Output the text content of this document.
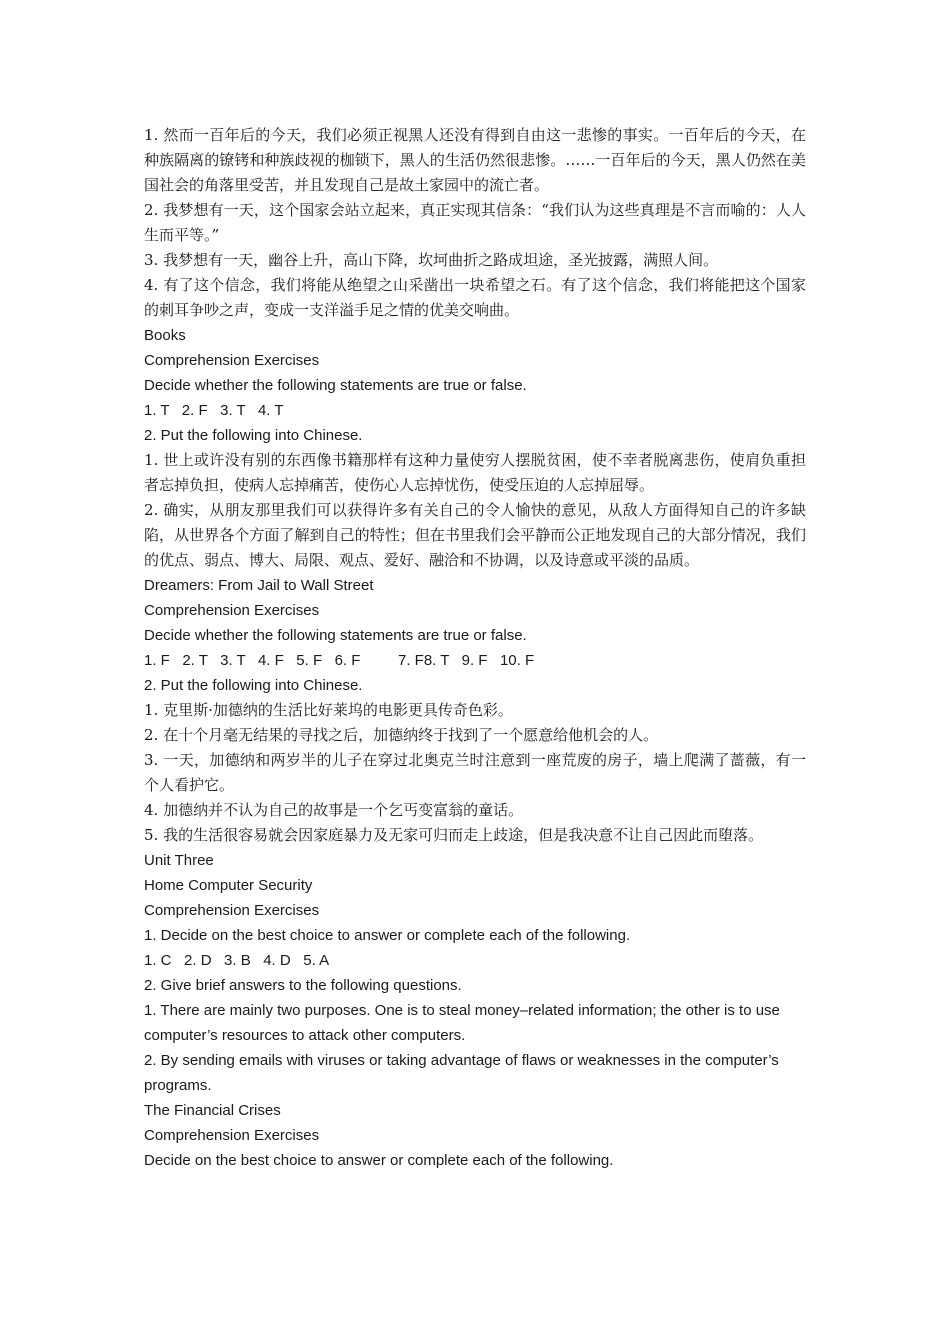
1. 然而一百年后的今天，我们必须正视黑人还没有得到自由这一悲惨的事实。一百年后的今天，在种族隔离的镣铐和种族歧视的枷锁下，黑人的生活仍然很悲惨。……一百年后的今天，黑人仍然在美国社会的角落里受苦，并且发现自己是故土家园中的流亡者。

2. 我梦想有一天，这个国家会站立起来，真正实现其信条：“我们认为这些真理是不言而喻的：人人生而平等。”

3. 我梦想有一天，幽谷上升，高山下降，坎坷曲折之路成坦途，圣光披露，满照人间。

4. 有了这个信念，我们将能从绝望之山采凿出一块希望之石。有了这个信念，我们将能把这个国家的刺耳争吵之声，变成一支洋溢手足之情的优美交响曲。

Books

Comprehension Exercises

Decide whether the following statements are true or false.

1. T   2. F   3. T   4. T

2. Put the following into Chinese.

1. 世上或许没有别的东西像书籍那样有这种力量使穷人摆脱贫困，使不幸者脱离悲伤，使肩负重担者忘掉负担，使病人忘掉痛苦，使伤心人忘掉忧伤，使受压迫的人忘掉屈辱。

2. 确实，从朋友那里我们可以获得许多有关自己的令人愉快的意见，从敌人方面得知自己的许多缺陷，从世界各个方面了解到自己的特性；但在书里我们会平静而公正地发现自己的大部分情况，我们的优点、弱点、博大、局限、观点、爱好、融洽和不协调，以及诗意或平淡的品质。

Dreamers: From Jail to Wall Street

Comprehension Exercises

Decide whether the following statements are true or false.

1. F   2. T   3. T   4. F   5. F   6. F         7. F8. T   9. F   10. F

2. Put the following into Chinese.

1. 克里斯·加德纳的生活比好莱坞的电影更具传奇色彩。

2. 在十个月毫无结果的寻找之后，加德纳终于找到了一个愿意给他机会的人。

3. 一天，加德纳和两岁半的儿子在穿过北奥克兰时注意到一座荒废的房子，墙上爬满了蔷薇，有一个人看护它。

4. 加德纳并不认为自己的故事是一个乞丐变富翁的童话。

5. 我的生活很容易就会因家庭暴力及无家可归而走上歧途，但是我决意不让自己因此而堕落。

Unit Three

Home Computer Security

Comprehension Exercises

1. Decide on the best choice to answer or complete each of the following.

1. C   2. D   3. B   4. D   5. A

2. Give brief answers to the following questions.

1. There are mainly two purposes. One is to steal money–related information; the other is to use computer’s resources to attack other computers.

2. By sending emails with viruses or taking advantage of flaws or weaknesses in the computer’s programs.

The Financial Crises

Comprehension Exercises

Decide on the best choice to answer or complete each of the following.
